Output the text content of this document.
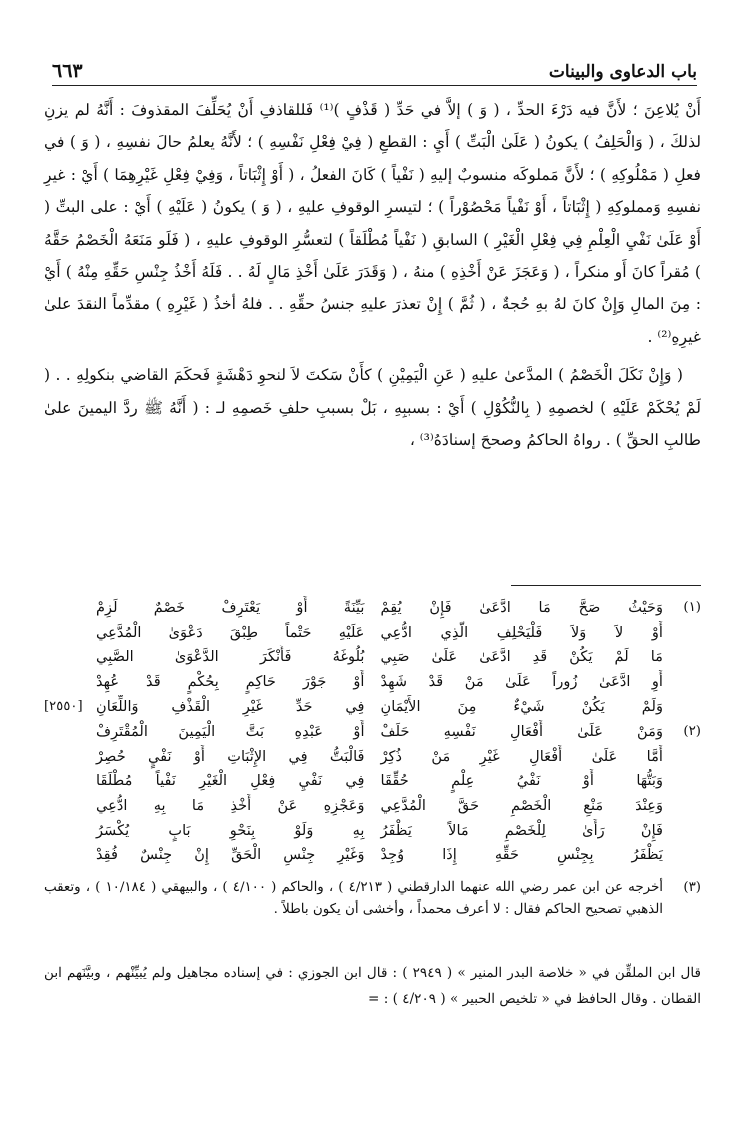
باب الدعاوى والبينات
٦٦٣

أَنْ يُلاعِنَ ؛ لأَنَّ فيه دَرْءَ الحدِّ ، ( وَ ) إلاَّ في حَدِّ ( قَذْفٍ )⁽¹⁾ فَللقاذفِ أَنْ يُحَلِّفَ المقذوفَ : أَنَّهُ لم يزنِ لذلكَ ، ( وَالْحَلِفُ ) يكونُ ( عَلَىٰ الْبَتِّ ) أَيِ : القطعِ ( فِيْ فِعْلِ نَفْسِهِ ) ؛ لأَنَّهُ يعلمُ حالَ نفسِهِ ، ( وَ ) في فعلِ ( مَمْلُوكِهِ ) ؛ لأَنَّ مَملوكَه منسوبٌ إليهِ ( نَفْياً ) كَانَ الفعلُ ، ( أَوْ إِثْبَاتاً ، وَفِيْ فِعْلِ غَيْرِهِمَا ) أَيْ : غيرِ نفسِهِ وَمملوكِهِ ( إِثْبَاتاً ، أَوْ نَفْياً مَحْصُوْراً ) ؛ لتيسرِ الوقوفِ عليهِ ، ( وَ ) يكونُ ( عَلَيْهِ ) أَيْ : على البتِّ ( أَوْ عَلَىٰ نَفْيِ الْعِلْمِ فِي فِعْلِ الْغَيْرِ ) السابقِ ( نَفْياً مُطْلَقاً ) لتعسُّرِ الوقوفِ عليهِ ، ( فَلَو مَنَعَهُ الْخَصْمُ حَقَّهُ ) مُقراً كانَ أَو منكراً ، ( وَعَجَزَ عَنْ أَخْذِهِ ) منهُ ، ( وَقَدَرَ عَلَىٰ أَخْذِ مَالٍ لَهُ . . فَلَهُ أَخْذُ جِنْسِ حَقِّهِ مِنْهُ ) أَيْ : مِنَ المالِ وَإِنْ كانَ لهُ بهِ حُجةٌ ، ( ثُمَّ ) إِنْ تعذرَ عليهِ جنسُ حقِّهِ . . فلهُ أخذُ ( غَيْرِهِ ) مقدِّماً النقدَ علىٰ غيرِهِ⁽²⁾ .

( وَإِنْ نَكَلَ الْخَصْمُ ) المدَّعىٰ عليهِ ( عَنِ الْيَمِيْنِ ) كأَنْ سَكتَ لاَ لنحوِ دَهْشَةٍ فَحكَمَ القاضي بنكولِهِ . . ( لَمْ يُحْكَمْ عَلَيْهِ ) لخصمِهِ ( بِالنُّكُوْلِ ) أَيْ : بسببِهِ ، بَلْ بسببِ حلفِ خَصمِهِ لـ : ( أَنَّهُ ﷺ ردَّ اليمينَ علىٰ طالبِ الحقِّ ) . رواهُ الحاكمُ وصححَ إسنادَهُ⁽³⁾ ،

(١)
وَحَيْثُ صَحَّ مَا ادَّعَىٰ فَإِنْ يُقِمْ
بَيِّنَةً أَوْ يَعْتَرِفْ خَصْمٌ لَزِمْ
أَوْ لاَ وَلاَ فَلْيَحْلِفِ الَّذِي ادُّعِي
عَلَيْهِ حَتْماً طِبْقَ دَعْوَىٰ الْمُدَّعِي
مَا لَمْ يَكُنْ قَدِ ادَّعَىٰ عَلَىٰ صَبِي
بُلُوغَهُ فَأَنْكَرَ الدَّعْوَىٰ الصَّبِي
أَوِ ادَّعَىٰ زُوراً عَلَىٰ مَنْ قَدْ شَهِدْ
أَوْ جَوْرَ حَاكِمٍ بِحُكْمٍ قَدْ عُهِدْ
وَلَمْ يَكُنْ شَيْءٌ مِنَ الأَيْمَانِ
فِي حَدِّ غَيْرِ الْقَذْفِ وَاللِّعَانِ
[٢٥٥٠]
(٢)
وَمَنْ عَلَىٰ أَفْعَالِ نَفْسِهِ حَلَفْ
أَوْ عَبْدِهِ بَتَّ الْيَمِينَ الْمُقْتَرِفْ
أَمَّا عَلَىٰ أَفْعَالِ غَيْرِ مَنْ ذُكِرْ
فَالْبَتُّ فِي الإِثْبَاتِ أَوْ نَفْيٍ حُصِرْ
وَبَتُّهَا أَوْ نَفْيُ عِلْمٍ حُقِّقَا
فِي نَفْيِ فِعْلِ الْغَيْرِ نَفْياً مُطْلَقَا
وَعِنْدَ مَنْعِ الْخَصْمِ حَقَّ الْمُدَّعِي
وَعَجْزِهِ عَنْ أَخْذِ مَا بِهِ ادُّعِي
فَإِنْ رَأَىٰ لِلْخَصْمِ مَالاً يَظْفَرُ
بِهِ وَلَوْ بِنَحْوِ بَابٍ يُكْسَرُ
يَظْفَرُ بِجِنْسِ حَقِّهِ إِذَا وُجِدْ
وَغَيْرِ جِنْسِ الْحَقِّ إِنْ جِنْسٌ فُقِدْ
(٣)
أخرجه عن ابن عمر رضي الله عنهما الدارقطني ( ٤/٢١٣ ) ، والحاكم ( ٤/١٠٠ ) ، والبيهقي ( ١٠/١٨٤ ) ، وتعقب الذهبي تصحيح الحاكم فقال : لا أعرف محمداً ، وأخشى أن يكون باطلاً .
قال ابن الملقِّن في « خلاصة البدر المنير » ( ٢٩٤٩ ) : قال ابن الجوزي : في إسناده مجاهيل ولم يُبيِّنْهم ، وبيَّنَهم ابن القطان . وقال الحافظ في « تلخيص الحبير » ( ٤/٢٠٩ ) : =
